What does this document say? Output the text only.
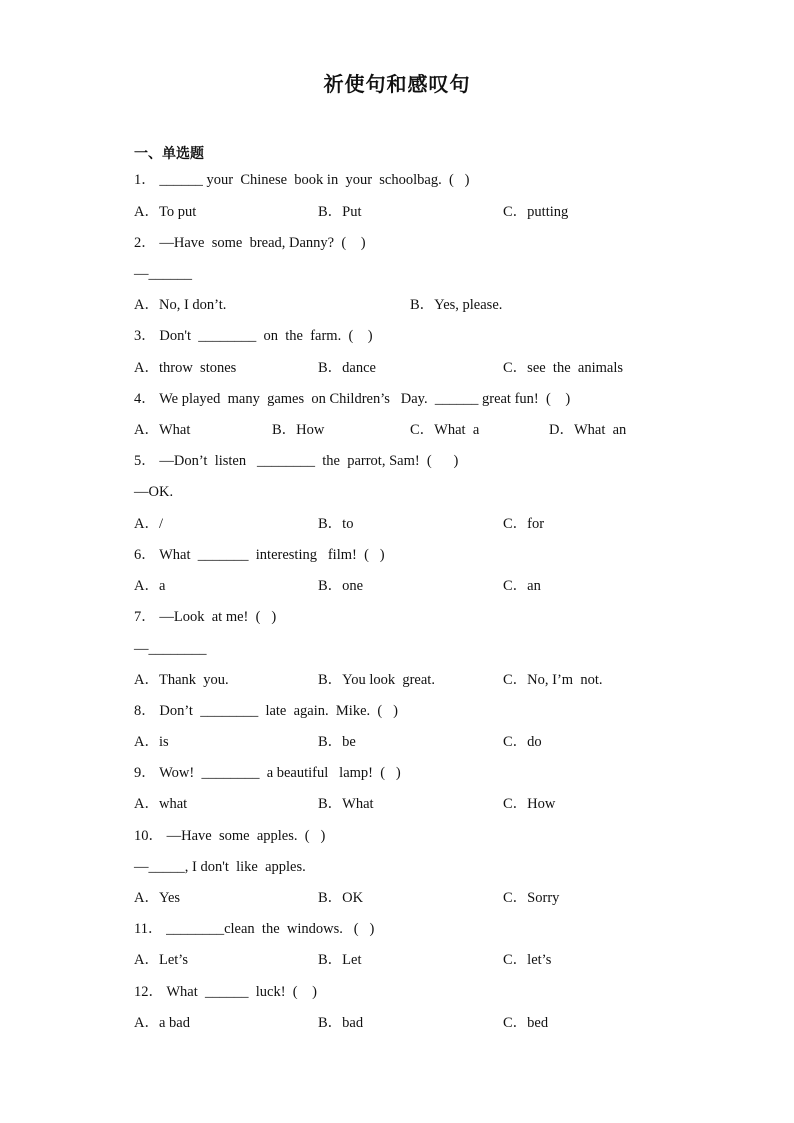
祈使句和感叹句
一、单选题
1． ______ your  Chinese  book in  your  schoolbag.  (   )
A．To put	B．Put	C．putting
2． —Have  some  bread, Danny?  (    )
—______
A．No, I don’t.	B．Yes, please.
3． Don't  ________  on  the  farm.  (    )
A．throw  stones	B．dance	C．see  the  animals
4． We played  many  games  on Children’s   Day.  ______ great fun!  (    )
A．What	B．How	C．What  a	D．What  an
5． —Don’t  listen   ________  the  parrot, Sam!  (      )
—OK.
A．/	B．to	C．for
6． What  _______  interesting   film!  (   )
A．a	B．one	C．an
7． —Look  at me!  (   )
—________
A．Thank  you.	B．You look  great.	C．No, I’m  not.
8． Don’t  ________  late  again.  Mike.  (   )
A．is	B．be	C．do
9． Wow!  ________  a beautiful   lamp!  (   )
A．what	B．What	C．How
10． —Have  some  apples.  (   )
—_____, I don't  like  apples.
A．Yes	B．OK	C．Sorry
11． ________clean  the  windows.   (   )
A．Let’s	B．Let	C．let’s
12． What  ______  luck!  (    )
A．a bad	B．bad	C．bed
